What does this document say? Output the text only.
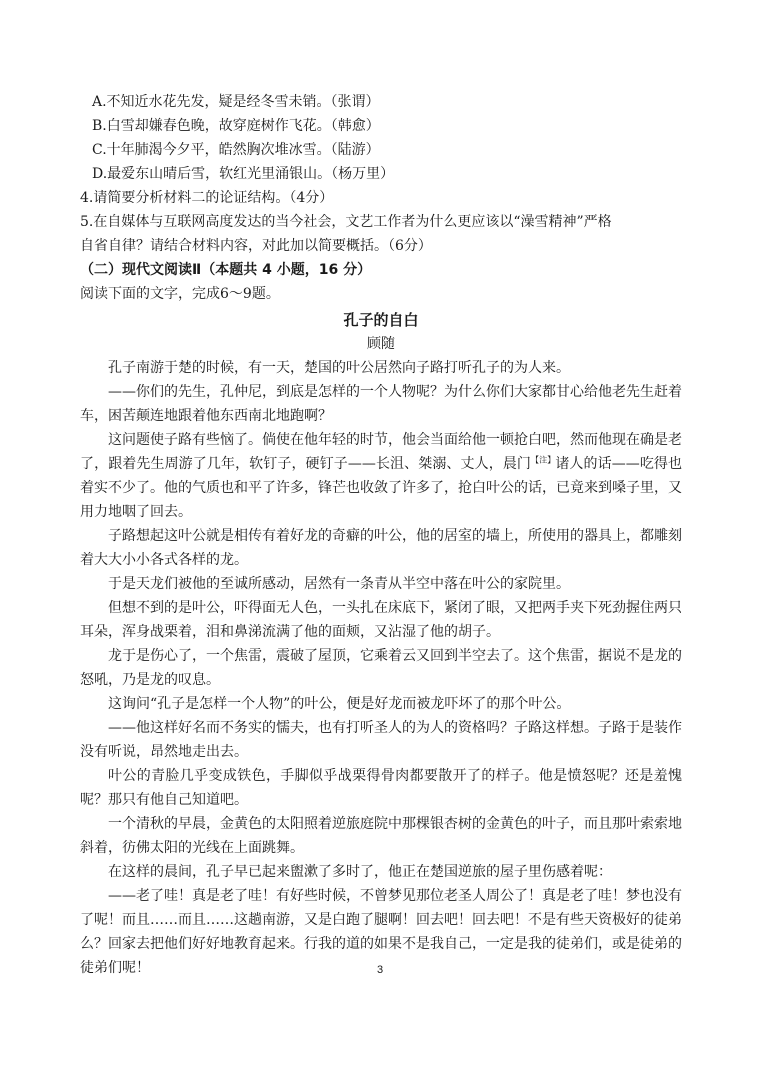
A.不知近水花先发，疑是经冬雪未销。（张谓）

B.白雪却嫌春色晚，故穿庭树作飞花。（韩愈）

C.十年肺渴今夕平，皓然胸次堆冰雪。（陆游）

D.最爱东山晴后雪，软红光里涌银山。（杨万里）

4.请简要分析材料二的论证结构。（4分）

5.在自媒体与互联网高度发达的当今社会，文艺工作者为什么更应该以“澡雪精神”严格

自省自律？请结合材料内容，对此加以简要概括。（6分）

（二）现代文阅读Ⅱ（本题共 4 小题，16 分）

阅读下面的文字，完成6～9题。

孔子的自白

顾随

孔子南游于楚的时候，有一天，楚国的叶公居然向子路打听孔子的为人来。

——你们的先生，孔仲尼，到底是怎样的一个人物呢？为什么你们大家都甘心给他老先生赶着车，困苦颠连地跟着他东西南北地跑啊？

这问题使子路有些恼了。倘使在他年轻的时节，他会当面给他一顿抢白吧，然而他现在确是老了，跟着先生周游了几年，软钉子，硬钉子——长沮、桀溺、丈人，晨门$^{【注】}$诸人的话——吃得也着实不少了。他的气质也和平了许多，锋芒也收敛了许多了，抢白叶公的话，已竟来到嗓子里，又用力地咽了回去。

子路想起这叶公就是相传有着好龙的奇癖的叶公，他的居室的墙上，所使用的器具上，都雕刻着大大小小各式各样的龙。

于是天龙们被他的至诚所感动，居然有一条青从半空中落在叶公的家院里。

但想不到的是叶公，吓得面无人色，一头扎在床底下，紧闭了眼，又把两手夹下死劲握住两只耳朵，浑身战栗着，泪和鼻涕流满了他的面颊，又沾湿了他的胡子。

龙于是伤心了，一个焦雷，震破了屋顶，它乘着云又回到半空去了。这个焦雷，据说不是龙的怒吼，乃是龙的叹息。

这询问“孔子是怎样一个人物”的叶公，便是好龙而被龙吓坏了的那个叶公。

——他这样好名而不务实的懦夫，也有打听圣人的为人的资格吗？子路这样想。子路于是装作没有听说，昂然地走出去。

叶公的青脸几乎变成铁色，手脚似乎战栗得骨肉都要散开了的样子。他是愤怒呢？还是羞愧呢？那只有他自己知道吧。

一个清秋的早晨，金黄色的太阳照着逆旅庭院中那棵银杏树的金黄色的叶子，而且那叶索索地斜着，彷佛太阳的光线在上面跳舞。

在这样的晨间，孔子早已起来盥漱了多时了，他正在楚国逆旅的屋子里伤感着呢：

——老了哇！真是老了哇！有好些时候，不曾梦见那位老圣人周公了！真是老了哇！梦也没有了呢！而且……而且……这趟南游，又是白跑了腿啊！回去吧！回去吧！不是有些天资极好的徒弟么？回家去把他们好好地教育起来。行我的道的如果不是我自己，一定是我的徒弟们，或是徒弟的徒弟们呢！	3
